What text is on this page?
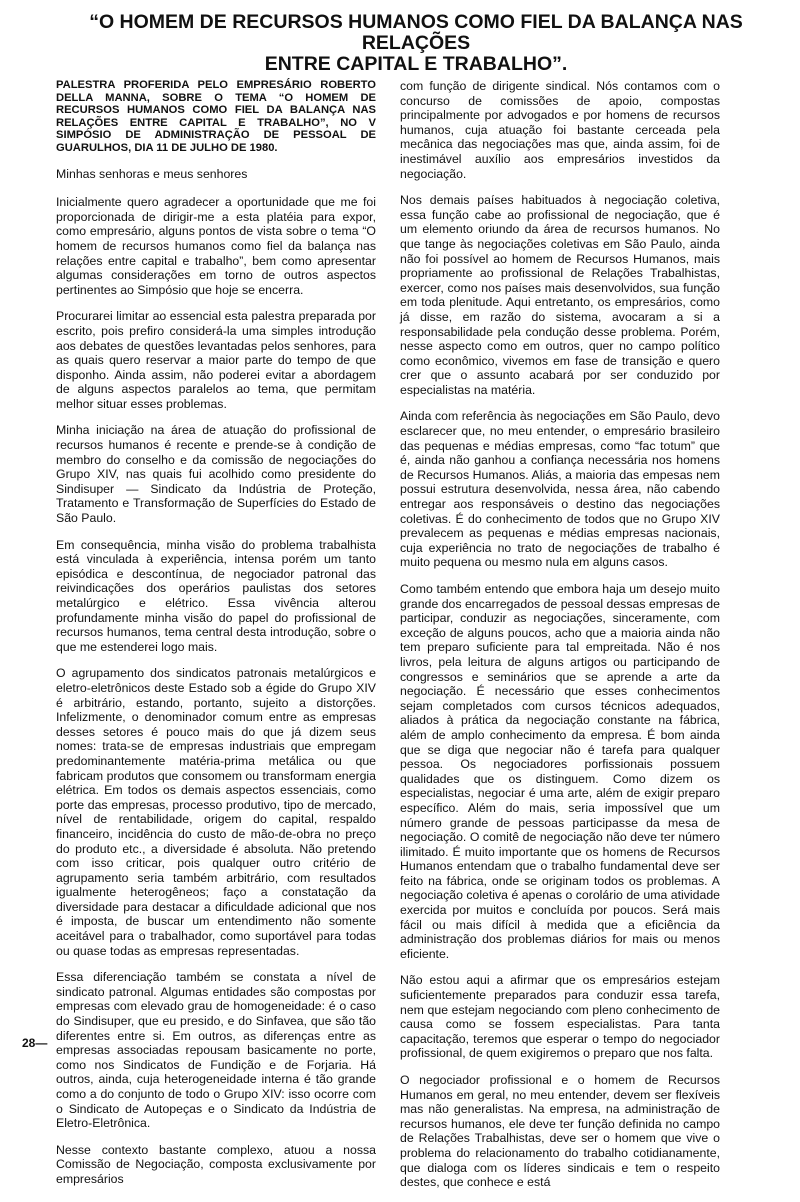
“O HOMEM DE RECURSOS HUMANOS COMO FIEL DA BALANÇA NAS RELAÇÕES
ENTRE CAPITAL E TRABALHO”.

PALESTRA PROFERIDA PELO EMPRESÁRIO ROBERTO DELLA MANNA, SOBRE O TEMA “O HOMEM DE RECURSOS HUMANOS COMO FIEL DA BALANÇA NAS RELAÇÕES ENTRE CAPITAL E TRABALHO”, NO V SIMPÓSIO DE ADMINISTRAÇÃO DE PESSOAL DE GUARULHOS, DIA 11 DE JULHO DE 1980.

Minhas senhoras e meus senhores

Inicialmente quero agradecer a oportunidade que me foi proporcionada de dirigir-me a esta platéia para expor, como empresário, alguns pontos de vista sobre o tema “O homem de recursos humanos como fiel da balança nas relações entre capital e trabalho”, bem como apresentar algumas considerações em torno de outros aspectos pertinentes ao Simpósio que hoje se encerra.

Procurarei limitar ao essencial esta palestra preparada por escrito, pois prefiro considerá-la uma simples introdução aos debates de questões levantadas pelos senhores, para as quais quero reservar a maior parte do tempo de que disponho. Ainda assim, não poderei evitar a abordagem de alguns aspectos paralelos ao tema, que permitam melhor situar esses problemas.

Minha iniciação na área de atuação do profissional de recursos humanos é recente e prende-se à condição de membro do conselho e da comissão de negociações do Grupo XIV, nas quais fui acolhido como presidente do Sindisuper — Sindicato da Indústria de Proteção, Tratamento e Transformação de Superfícies do Estado de São Paulo.

Em consequência, minha visão do problema trabalhista está vinculada à experiência, intensa porém um tanto episódica e descontínua, de negociador patronal das reivindicações dos operários paulistas dos setores metalúrgico e elétrico. Essa vivência alterou profundamente minha visão do papel do profissional de recursos humanos, tema central desta introdução, sobre o que me estenderei logo mais.

O agrupamento dos sindicatos patronais metalúrgicos e eletro-eletrônicos deste Estado sob a égide do Grupo XIV é arbitrário, estando, portanto, sujeito a distorções. Infelizmente, o denominador comum entre as empresas desses setores é pouco mais do que já dizem seus nomes: trata-se de empresas industriais que empregam predominantemente matéria-prima metálica ou que fabricam produtos que consomem ou transformam energia elétrica. Em todos os demais aspectos essenciais, como porte das empresas, processo produtivo, tipo de mercado, nível de rentabilidade, origem do capital, respaldo financeiro, incidência do custo de mão-de-obra no preço do produto etc., a diversidade é absoluta. Não pretendo com isso criticar, pois qualquer outro critério de agrupamento seria também arbitrário, com resultados igualmente heterogêneos; faço a constatação da diversidade para destacar a dificuldade adicional que nos é imposta, de buscar um entendimento não somente aceitável para o trabalhador, como suportável para todas ou quase todas as empresas representadas.

Essa diferenciação também se constata a nível de sindicato patronal. Algumas entidades são compostas por empresas com elevado grau de homogeneidade: é o caso do Sindisuper, que eu presido, e do Sinfavea, que são tão diferentes entre si. Em outros, as diferenças entre as empresas associadas repousam basicamente no porte, como nos Sindicatos de Fundição e de Forjaria. Há outros, ainda, cuja heterogeneidade interna é tão grande como a do conjunto de todo o Grupo XIV: isso ocorre com o Sindicato de Autopeças e o Sindicato da Indústria de Eletro-Eletrônica.

Nesse contexto bastante complexo, atuou a nossa Comissão de Negociação, composta exclusivamente por empresários

com função de dirigente sindical. Nós contamos com o concurso de comissões de apoio, compostas principalmente por advogados e por homens de recursos humanos, cuja atuação foi bastante cerceada pela mecânica das negociações mas que, ainda assim, foi de inestimável auxílio aos empresários investidos da negociação.

Nos demais países habituados à negociação coletiva, essa função cabe ao profissional de negociação, que é um elemento oriundo da área de recursos humanos. No que tange às negociações coletivas em São Paulo, ainda não foi possível ao homem de Recursos Humanos, mais propriamente ao profissional de Relações Trabalhistas, exercer, como nos países mais desenvolvidos, sua função em toda plenitude. Aqui entretanto, os empresários, como já disse, em razão do sistema, avocaram a si a responsabilidade pela condução desse problema. Porém, nesse aspecto como em outros, quer no campo político como econômico, vivemos em fase de transição e quero crer que o assunto acabará por ser conduzido por especialistas na matéria.

Ainda com referência às negociações em São Paulo, devo esclarecer que, no meu entender, o empresário brasileiro das pequenas e médias empresas, como “fac totum” que é, ainda não ganhou a confiança necessária nos homens de Recursos Humanos. Aliás, a maioria das empesas nem possui estrutura desenvolvida, nessa área, não cabendo entregar aos responsáveis o destino das negociações coletivas. É do conhecimento de todos que no Grupo XIV prevalecem as pequenas e médias empresas nacionais, cuja experiência no trato de negociações de trabalho é muito pequena ou mesmo nula em alguns casos.

Como também entendo que embora haja um desejo muito grande dos encarregados de pessoal dessas empresas de participar, conduzir as negociações, sinceramente, com exceção de alguns poucos, acho que a maioria ainda não tem preparo suficiente para tal empreitada. Não é nos livros, pela leitura de alguns artigos ou participando de congressos e seminários que se aprende a arte da negociação. É necessário que esses conhecimentos sejam completados com cursos técnicos adequados, aliados à prática da negociação constante na fábrica, além de amplo conhecimento da empresa. É bom ainda que se diga que negociar não é tarefa para qualquer pessoa. Os negociadores porfissionais possuem qualidades que os distinguem. Como dizem os especialistas, negociar é uma arte, além de exigir preparo específico. Além do mais, seria impossível que um número grande de pessoas participasse da mesa de negociação. O comitê de negociação não deve ter número ilimitado. É muito importante que os homens de Recursos Humanos entendam que o trabalho fundamental deve ser feito na fábrica, onde se originam todos os problemas. A negociação coletiva é apenas o corolário de uma atividade exercida por muitos e concluída por poucos. Será mais fácil ou mais difícil à medida que a eficiência da administração dos problemas diários for mais ou menos eficiente.

Não estou aqui a afirmar que os empresários estejam suficientemente preparados para conduzir essa tarefa, nem que estejam negociando com pleno conhecimento de causa como se fossem especialistas. Para tanta capacitação, teremos que esperar o tempo do negociador profissional, de quem exigiremos o preparo que nos falta.

O negociador profissional e o homem de Recursos Humanos em geral, no meu entender, devem ser flexíveis mas não generalistas. Na empresa, na administração de recursos humanos, ele deve ter função definida no campo de Relações Trabalhistas, deve ser o homem que vive o problema do relacionamento do trabalho cotidianamente, que dialoga com os líderes sindicais e tem o respeito destes, que conhece e está

28—
